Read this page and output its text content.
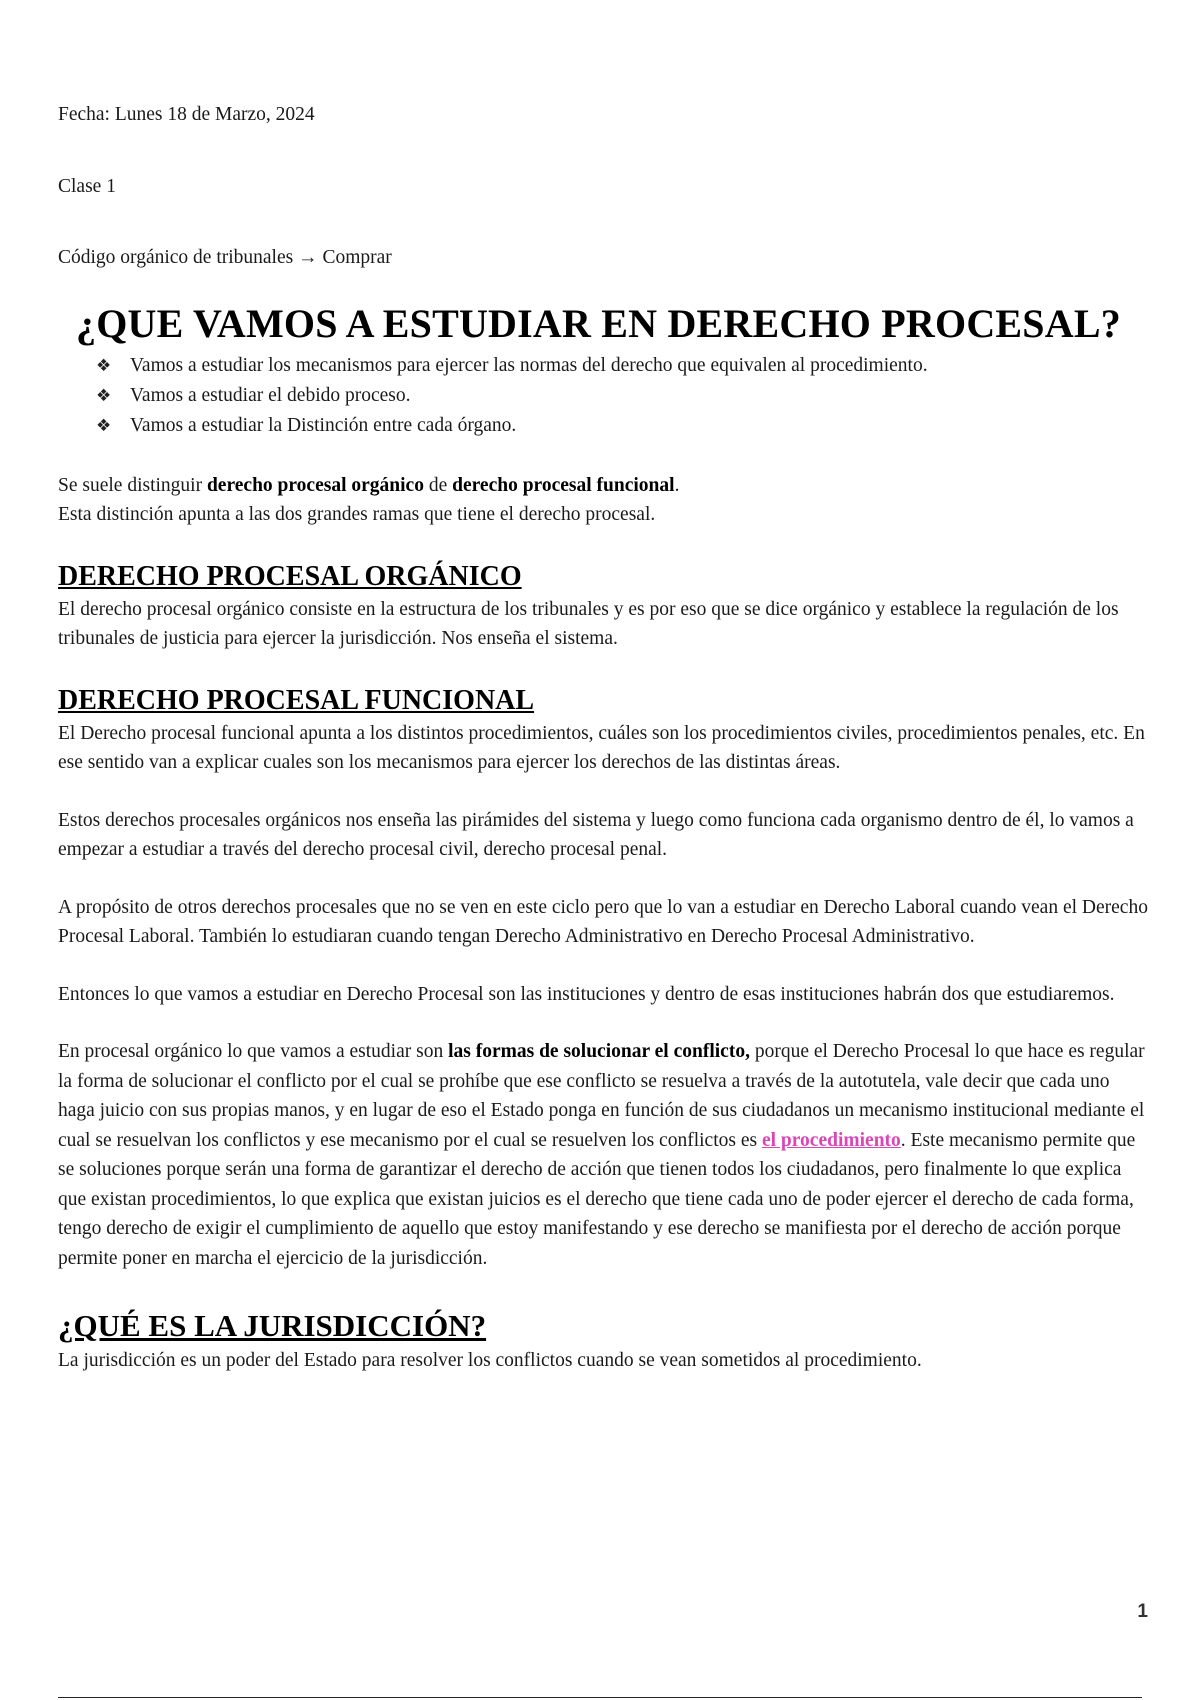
Fecha: Lunes 18 de Marzo, 2024

Clase 1

Código orgánico de tribunales → Comprar

¿QUE VAMOS A ESTUDIAR EN DERECHO PROCESAL?
❖ Vamos a estudiar los mecanismos para ejercer las normas del derecho que equivalen al procedimiento.
❖ Vamos a estudiar el debido proceso.
❖ Vamos a estudiar la Distinción entre cada órgano.

Se suele distinguir derecho procesal orgánico de derecho procesal funcional.

Esta distinción apunta a las dos grandes ramas que tiene el derecho procesal.

DERECHO PROCESAL ORGÁNICO

El derecho procesal orgánico consiste en la estructura de los tribunales y es por eso que se dice orgánico y establece la regulación de los tribunales de justicia para ejercer la jurisdicción. Nos enseña el sistema.

DERECHO PROCESAL FUNCIONAL

El Derecho procesal funcional apunta a los distintos procedimientos, cuáles son los procedimientos civiles, procedimientos penales, etc. En ese sentido van a explicar cuales son los mecanismos para ejercer los derechos de las distintas áreas.

Estos derechos procesales orgánicos nos enseña las pirámides del sistema y luego como funciona cada organismo dentro de él, lo vamos a empezar a estudiar a través del derecho procesal civil, derecho procesal penal.

A propósito de otros derechos procesales que no se ven en este ciclo pero que lo van a estudiar en Derecho Laboral cuando vean el Derecho Procesal Laboral. También lo estudiaran cuando tengan Derecho Administrativo en Derecho Procesal Administrativo.

Entonces lo que vamos a estudiar en Derecho Procesal son las instituciones y dentro de esas instituciones habrán dos que estudiaremos.

En procesal orgánico lo que vamos a estudiar son las formas de solucionar el conflicto, porque el Derecho Procesal lo que hace es regular la forma de solucionar el conflicto por el cual se prohíbe que ese conflicto se resuelva a través de la autotutela, vale decir que cada uno haga juicio con sus propias manos, y en lugar de eso el Estado ponga en función de sus ciudadanos un mecanismo institucional mediante el cual se resuelvan los conflictos y ese mecanismo por el cual se resuelven los conflictos es el procedimiento. Este mecanismo permite que se soluciones porque serán una forma de garantizar el derecho de acción que tienen todos los ciudadanos, pero finalmente lo que explica que existan procedimientos, lo que explica que existan juicios es el derecho que tiene cada uno de poder ejercer el derecho de cada forma, tengo derecho de exigir el cumplimiento de aquello que estoy manifestando y ese derecho se manifiesta por el derecho de acción porque permite poner en marcha el ejercicio de la jurisdicción.

¿QUÉ ES LA JURISDICCIÓN?

La jurisdicción es un poder del Estado para resolver los conflictos cuando se vean sometidos al procedimiento.

1
